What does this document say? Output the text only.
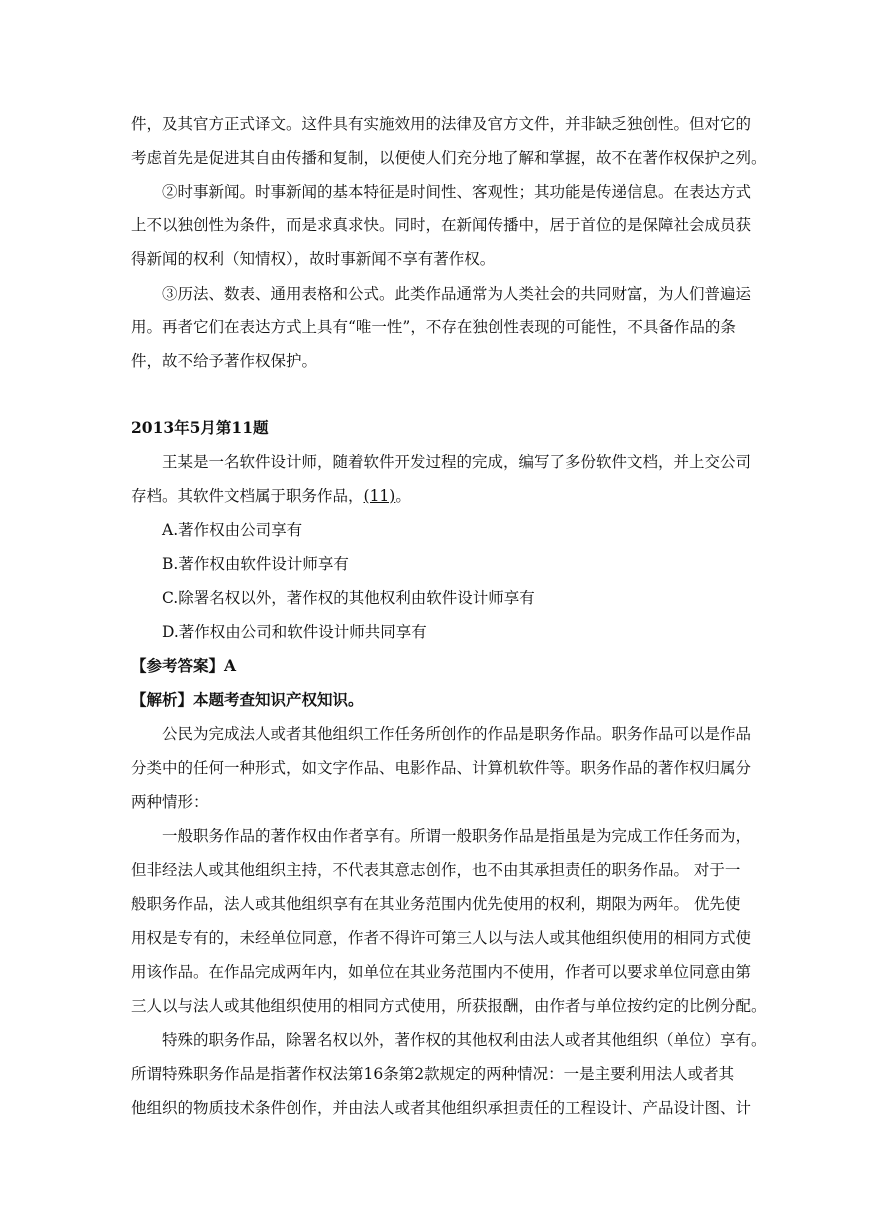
件，及其官方正式译文。这件具有实施效用的法律及官方文件，并非缺乏独创性。但对它的
考虑首先是促进其自由传播和复制，以便使人们充分地了解和掌握，故不在著作权保护之列。
②时事新闻。时事新闻的基本特征是时间性、客观性；其功能是传递信息。在表达方式
上不以独创性为条件，而是求真求快。同时，在新闻传播中，居于首位的是保障社会成员获
得新闻的权利（知情权），故时事新闻不享有著作权。
③历法、数表、通用表格和公式。此类作品通常为人类社会的共同财富，为人们普遍运
用。再者它们在表达方式上具有“唯一性”，不存在独创性表现的可能性，不具备作品的条
件，故不给予著作权保护。
2013年5月第11题
王某是一名软件设计师，随着软件开发过程的完成，编写了多份软件文档，并上交公司
存档。其软件文档属于职务作品，(11)。
A.著作权由公司享有
B.著作权由软件设计师享有
C.除署名权以外，著作权的其他权利由软件设计师享有
D.著作权由公司和软件设计师共同享有
【参考答案】A
【解析】本题考查知识产权知识。
公民为完成法人或者其他组织工作任务所创作的作品是职务作品。职务作品可以是作品
分类中的任何一种形式，如文字作品、电影作品、计算机软件等。职务作品的著作权归属分
两种情形：
一般职务作品的著作权由作者享有。所谓一般职务作品是指虽是为完成工作任务而为，
但非经法人或其他组织主持，不代表其意志创作，也不由其承担责任的职务作品。 对于一
般职务作品，法人或其他组织享有在其业务范围内优先使用的权利，期限为两年。 优先使
用权是专有的，未经单位同意，作者不得许可第三人以与法人或其他组织使用的相同方式使
用该作品。在作品完成两年内，如单位在其业务范围内不使用，作者可以要求单位同意由第
三人以与法人或其他组织使用的相同方式使用，所获报酬，由作者与单位按约定的比例分配。
特殊的职务作品，除署名权以外，著作权的其他权利由法人或者其他组织（单位）享有。
所谓特殊职务作品是指著作权法第16条第2款规定的两种情况：一是主要利用法人或者其
他组织的物质技术条件创作，并由法人或者其他组织承担责任的工程设计、产品设计图、计
